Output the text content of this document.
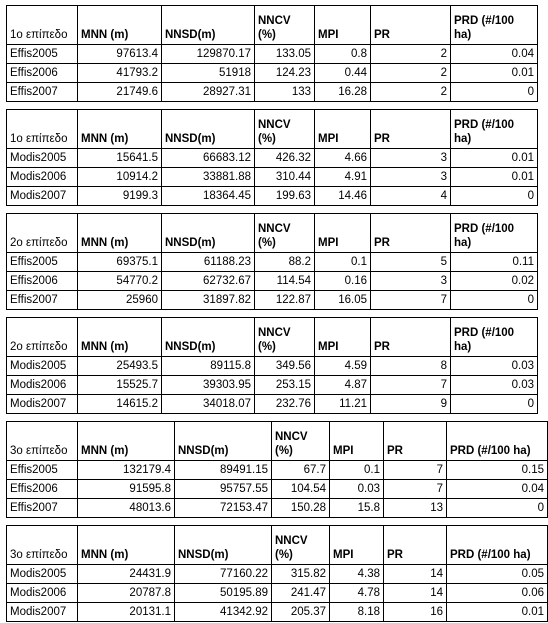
1ο επίπεδο	MNN (m)	NNSD(m)	NNCV (%)	MPI	PR	PRD (#/100 ha)
Effis2005	97613.4	129870.17	133.05	0.8	2	0.04
Effis2006	41793.2	51918	124.23	0.44	2	0.01
Effis2007	21749.6	28927.31	133	16.28	2	0
1ο επίπεδο	MNN (m)	NNSD(m)	NNCV (%)	MPI	PR	PRD (#/100 ha)
Modis2005	15641.5	66683.12	426.32	4.66	3	0.01
Modis2006	10914.2	33881.88	310.44	4.91	3	0.01
Modis2007	9199.3	18364.45	199.63	14.46	4	0
2ο επίπεδο	MNN (m)	NNSD(m)	NNCV (%)	MPI	PR	PRD (#/100 ha)
Effis2005	69375.1	61188.23	88.2	0.1	5	0.11
Effis2006	54770.2	62732.67	114.54	0.16	3	0.02
Effis2007	25960	31897.82	122.87	16.05	7	0
2ο επίπεδο	MNN (m)	NNSD(m)	NNCV (%)	MPI	PR	PRD (#/100 ha)
Modis2005	25493.5	89115.8	349.56	4.59	8	0.03
Modis2006	15525.7	39303.95	253.15	4.87	7	0.03
Modis2007	14615.2	34018.07	232.76	11.21	9	0
3ο επίπεδο	MNN (m)	NNSD(m)	NNCV (%)	MPI	PR	PRD (#/100 ha)
Effis2005	132179.4	89491.15	67.7	0.1	7	0.15
Effis2006	91595.8	95757.55	104.54	0.03	7	0.04
Effis2007	48013.6	72153.47	150.28	15.8	13	0
3ο επίπεδο	MNN (m)	NNSD(m)	NNCV (%)	MPI	PR	PRD (#/100 ha)
Modis2005	24431.9	77160.22	315.82	4.38	14	0.05
Modis2006	20787.8	50195.89	241.47	4.78	14	0.06
Modis2007	20131.1	41342.92	205.37	8.18	16	0.01
